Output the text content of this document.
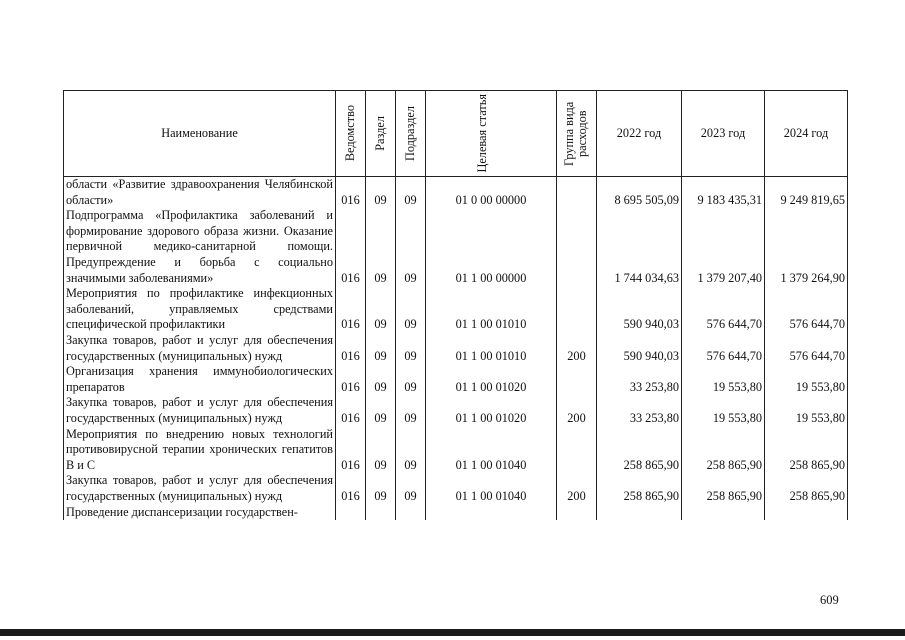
Наименование	Ведомство	Раздел	Подраздел	Целевая статья	Группа вида расходов	2022 год	2023 год	2024 год
области «Развитие здравоохранения Челябинской области»	016	09	09	01 0 00 00000		8 695 505,09	9 183 435,31	9 249 819,65
Подпрограмма «Профилактика заболеваний и формирование здорового образа жизни. Оказание первичной медико-санитарной помощи. Предупреждение и борьба с социально значимыми заболеваниями»	016	09	09	01 1 00 00000		1 744 034,63	1 379 207,40	1 379 264,90
Мероприятия по профилактике инфекционных заболеваний, управляемых средствами специфической профилактики	016	09	09	01 1 00 01010		590 940,03	576 644,70	576 644,70
Закупка товаров, работ и услуг для обеспечения государственных (муниципальных) нужд	016	09	09	01 1 00 01010	200	590 940,03	576 644,70	576 644,70
Организация хранения иммунобиологических препаратов	016	09	09	01 1 00 01020		33 253,80	19 553,80	19 553,80
Закупка товаров, работ и услуг для обеспечения государственных (муниципальных) нужд	016	09	09	01 1 00 01020	200	33 253,80	19 553,80	19 553,80
Мероприятия по внедрению новых технологий противовирусной терапии хронических гепатитов В и С	016	09	09	01 1 00 01040		258 865,90	258 865,90	258 865,90
Закупка товаров, работ и услуг для обеспечения государственных (муниципальных) нужд	016	09	09	01 1 00 01040	200	258 865,90	258 865,90	258 865,90
Проведение диспансеризации государствен-								
609
